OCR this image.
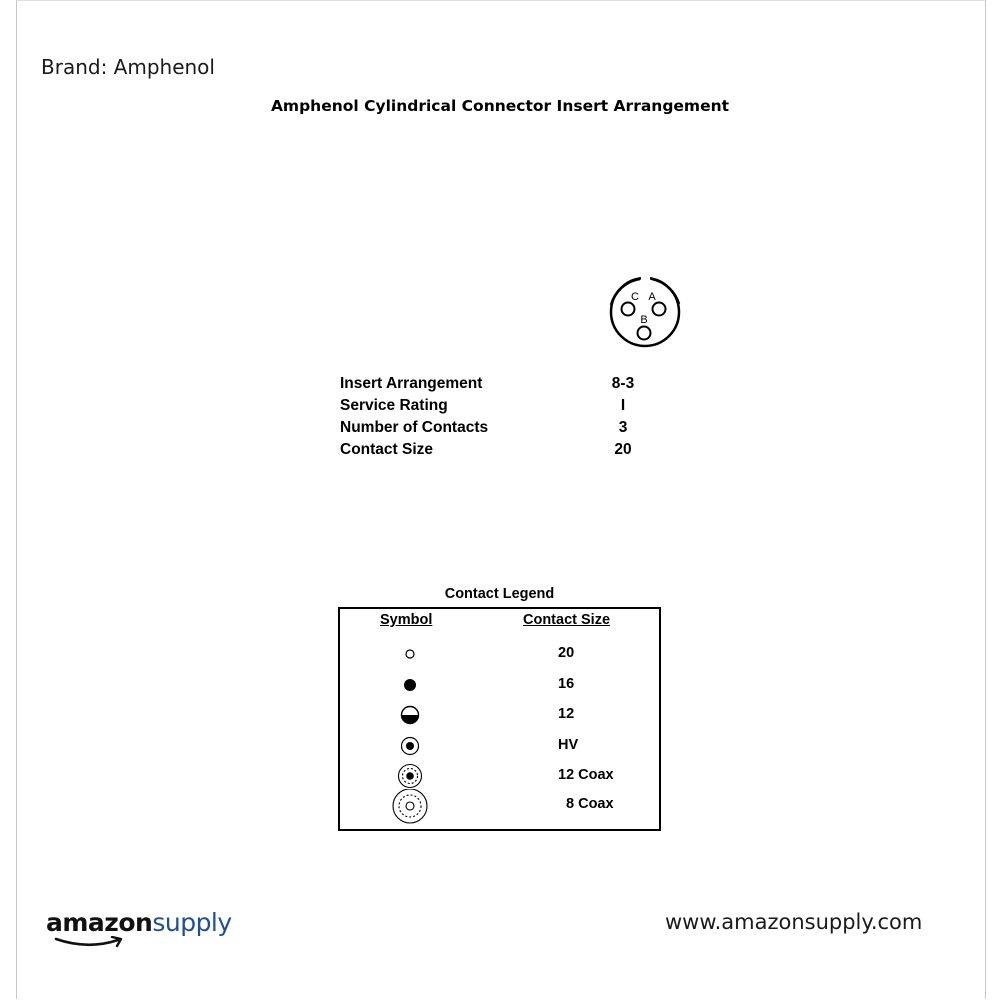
Brand: Amphenol
Amphenol Cylindrical Connector Insert Arrangement
C A
B
Insert Arrangement	8-3
Service Rating	I
Number of Contacts	3
Contact Size	20
Contact Legend
Symbol	Contact Size
20
16
12
HV
12 Coax
8 Coax
amazonsupply	www.amazonsupply.com
